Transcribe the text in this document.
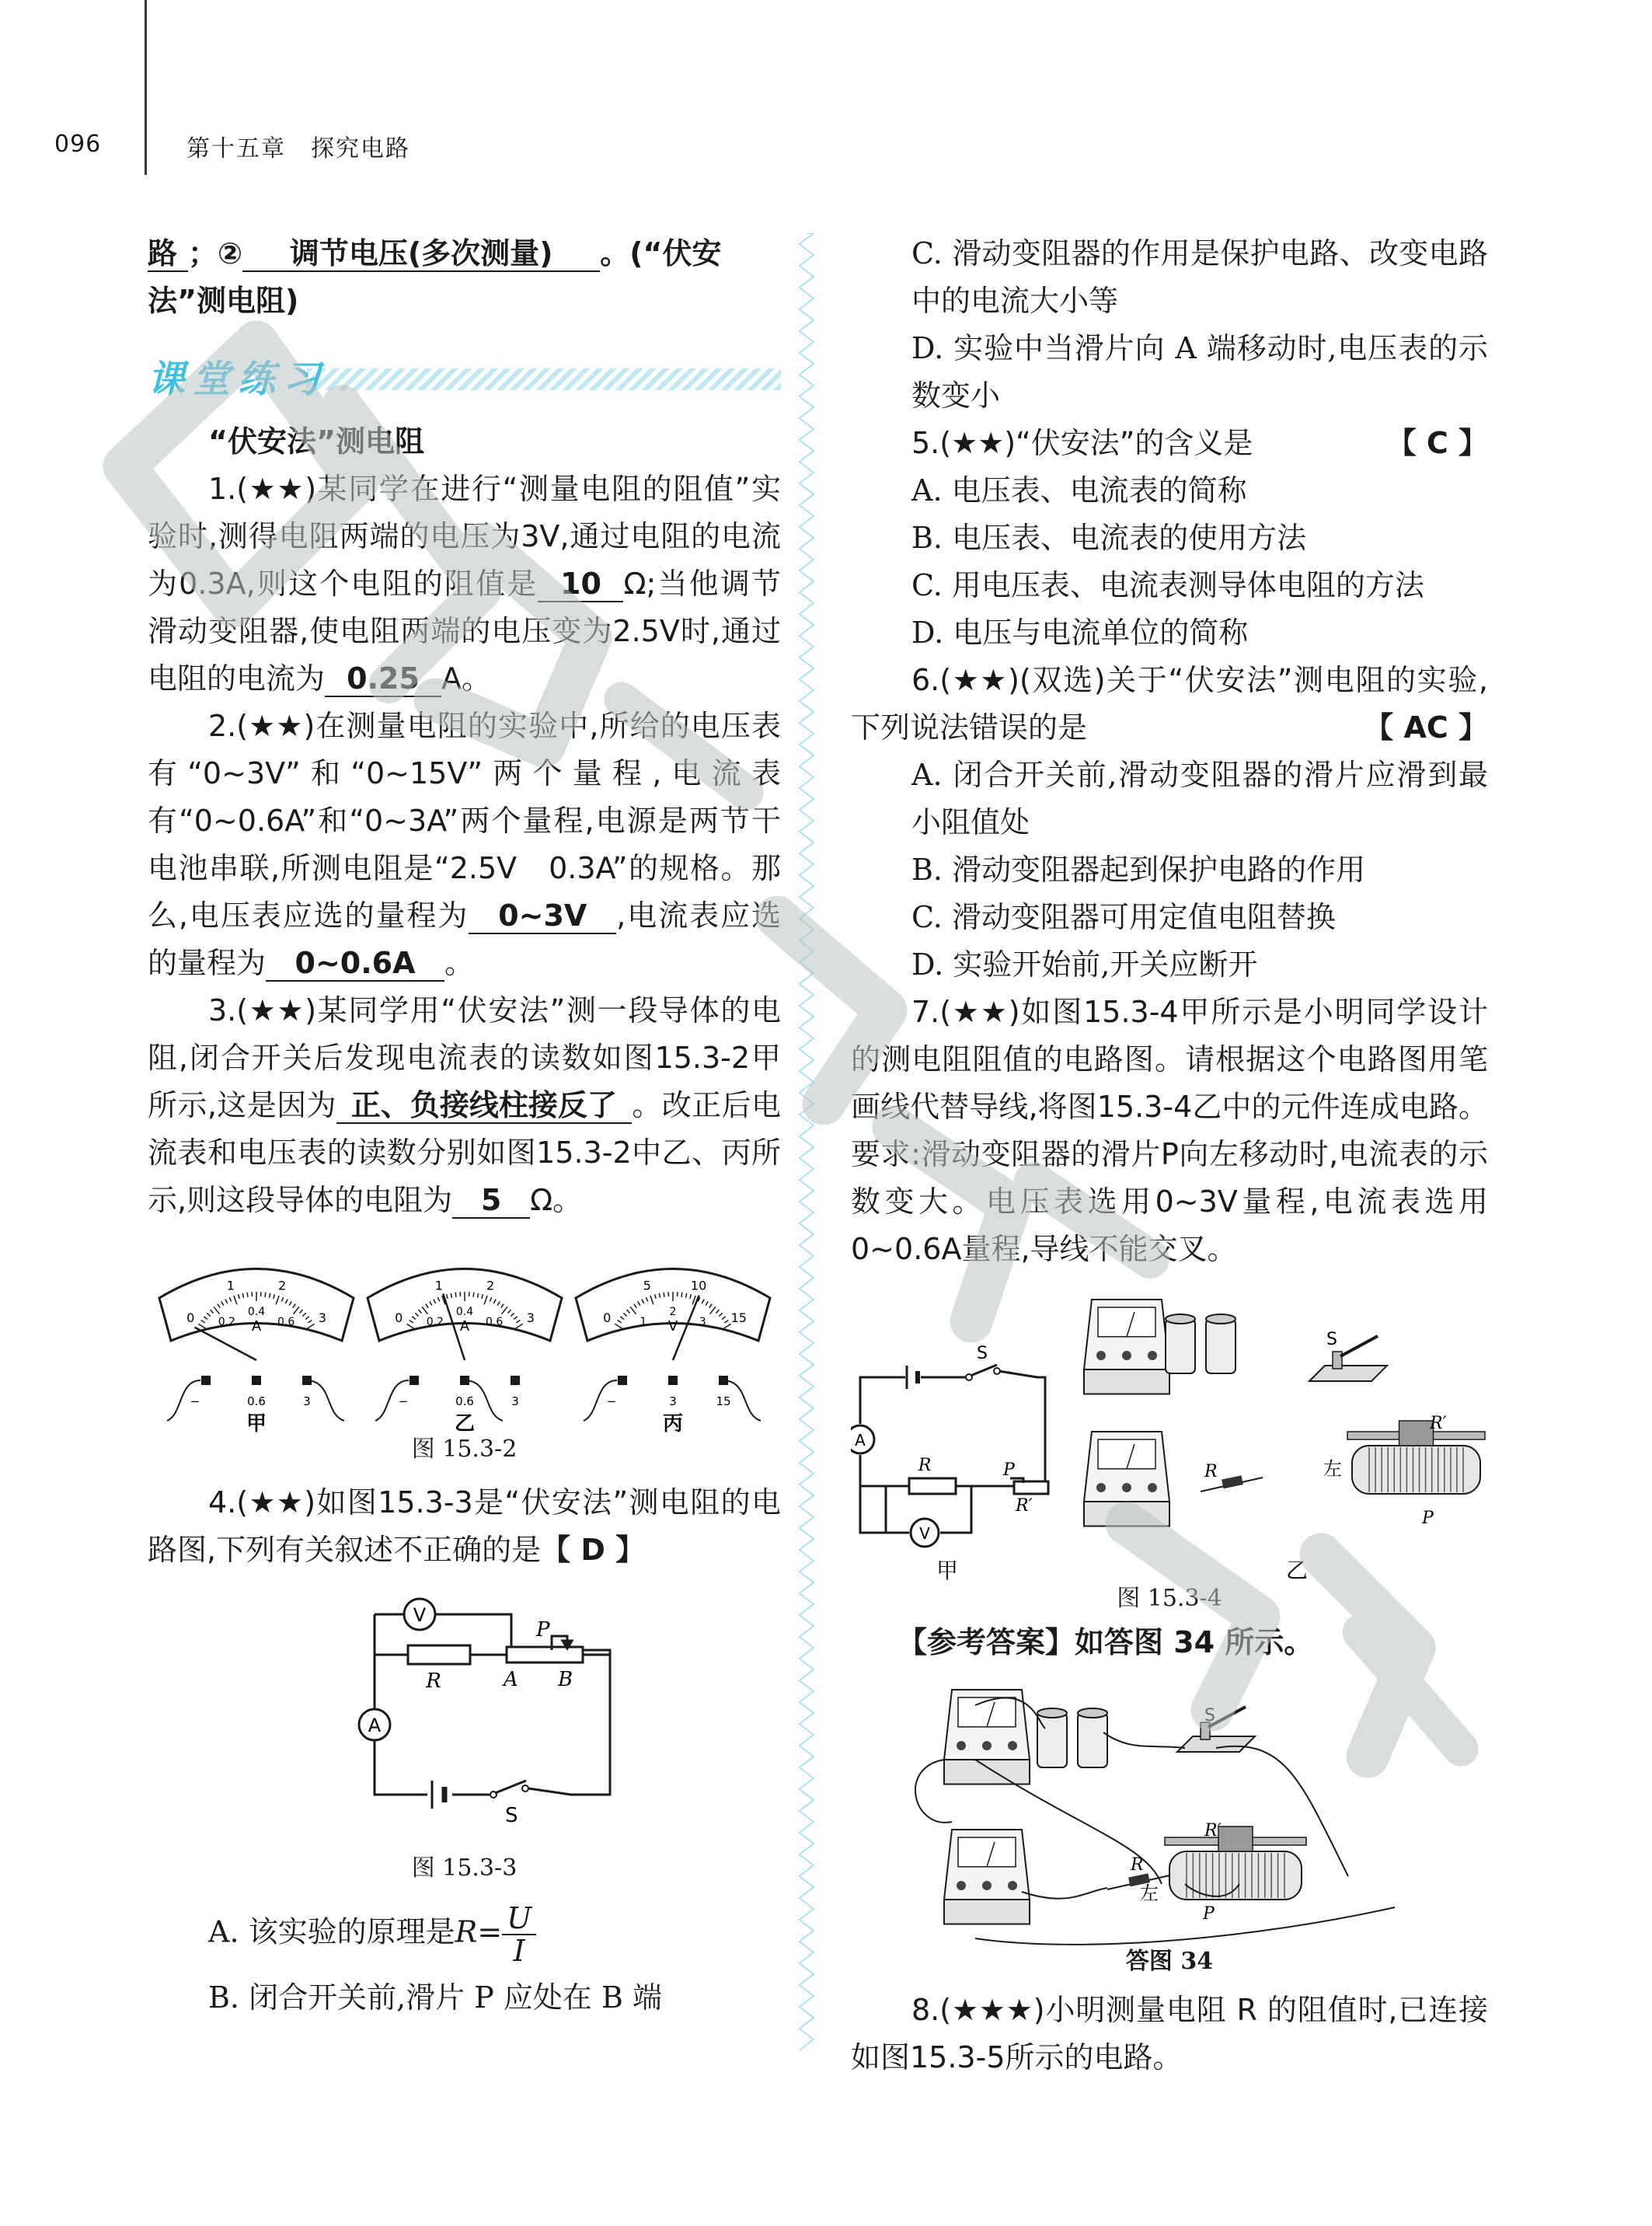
096	第十五章　探究电路

路 ；② 调节电压(多次测量) 。(“伏安

法”测电阻)

课堂练习

“伏安法”测电阻

1.(★★)某同学在进行“测量电阻的阻值”实验时,测得电阻两端的电压为3V,通过电阻的电流为0.3A,则这个电阻的阻值是 10 Ω;当他调节滑动变阻器,使电阻两端的电压变为2.5V时,通过电阻的电流为 0.25 A。

2.(★★)在测量电阻的实验中,所给的电压表有“0~3V”和“0~15V”两个量程,电流表有“0~0.6A”和“0~3A”两个量程,电源是两节干电池串联,所测电阻是“2.5V　0.3A”的规格。那么,电压表应选的量程为 0~3V ,电流表应选的量程为 0~0.6A 。

3.(★★)某同学用“伏安法”测一段导体的电阻,闭合开关后发现电流表的读数如图15.3-2甲所示,这是因为 正、负接线柱接反了 。改正后电流表和电压表的读数分别如图15.3-2中乙、丙所示,则这段导体的电阻为 5 Ω。

0
1	2
3
0.2
0.4
0.6
A
−	0.6	3
甲
0
1	2
3
0.2
0.4
0.6
A
−	0.6	3
乙
0
5	10
15
1
2
3
V
−	3	15
丙

图 15.3-2

4.(★★)如图15.3-3是“伏安法”测电阻的电路图,下列有关叙述不正确的是【 D 】

V
A
R
P
A B
S

图 15.3-3

A. 该实验的原理是$R= \frac{U}{I}$

B. 闭合开关前,滑片 P 应处在 B 端

C. 滑动变阻器的作用是保护电路、改变电路中的电流大小等

D. 实验中当滑片向 A 端移动时,电压表的示数变小

5.(★★)“伏安法”的含义是	【 C 】

A. 电压表、电流表的简称

B. 电压表、电流表的使用方法

C. 用电压表、电流表测导体电阻的方法

D. 电压与电流单位的简称

6.(★★)(双选)关于“伏安法”测电阻的实验,下列说法错误的是	【 AC 】

A. 闭合开关前,滑动变阻器的滑片应滑到最小阻值处

B. 滑动变阻器起到保护电路的作用

C. 滑动变阻器可用定值电阻替换

D. 实验开始前,开关应断开

7.(★★)如图15.3-4甲所示是小明同学设计的测电阻阻值的电路图。请根据这个电路图用笔画线代替导线,将图15.3-4乙中的元件连成电路。要求:滑动变阻器的滑片P向左移动时,电流表的示数变大。电压表选用0~3V量程,电流表选用0~0.6A量程,导线不能交叉。

A
V
S
R	P
R′
甲	乙
S
R	左
R′
P

图 15.3-4

【参考答案】如答图 34 所示。

S
R
R′
P
左

答图 34

8.(★★★)小明测量电阻 R 的阻值时,已连接如图15.3-5所示的电路。
